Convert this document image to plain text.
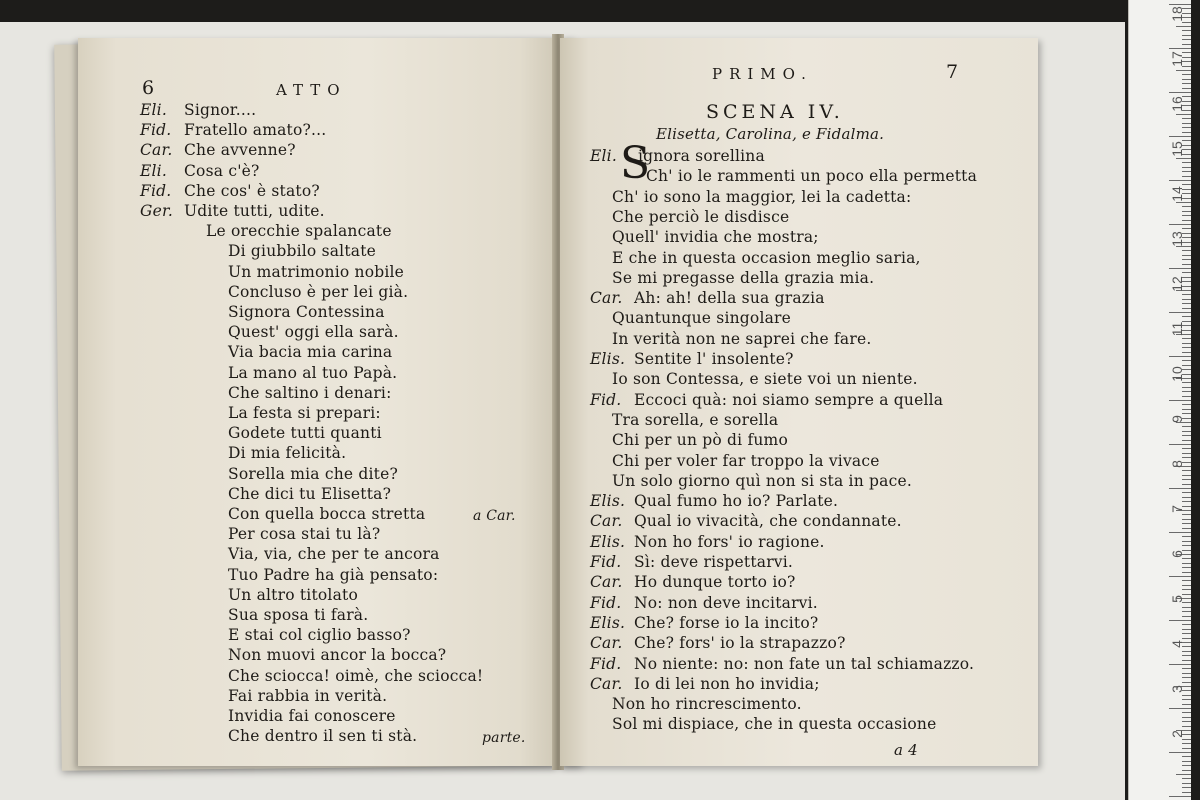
18
17
16
15
14
13
12
11
10
9
8
7
6
5
4
3
2
6	ATTO
a Car.
parte.
Eli. Signor....
Fid. Fratello amato?...
Car. Che avvenne?
Eli. Cosa c'è?
Fid. Che cos' è stato?
Ger. Udite tutti, udite.
Le orecchie spalancate
Di giubbilo saltate
Un matrimonio nobile
Concluso è per lei già.
Signora Contessina
Quest' oggi ella sarà.
Via bacia mia carina
La mano al tuo Papà.
Che saltino i denari:
La festa si prepari:
Godete tutti quanti
Di mia felicità.
Sorella mia che dite?
Che dici tu Elisetta?
Con quella bocca stretta
Per cosa stai tu là?
Via, via, che per te ancora
Tuo Padre ha già pensato:
Un altro titolato
Sua sposa ti farà.
E stai col ciglio basso?
Non muovi ancor la bocca?
Che sciocca! oimè, che sciocca!
Fai rabbia in verità.
Invidia fai conoscere
Che dentro il sen ti stà.
PRIMO.	7
SCENA IV.
Elisetta, Carolina, e Fidalma.
S
a 4
Eli. ignora sorellina
Ch' io le rammenti un poco ella permetta
Ch' io sono la maggior, lei la cadetta:
Che perciò le disdisce
Quell' invidia che mostra;
E che in questa occasion meglio saria,
Se mi pregasse della grazia mia.
Car. Ah: ah! della sua grazia
Quantunque singolare
In verità non ne saprei che fare.
Elis. Sentite l' insolente?
Io son Contessa, e siete voi un niente.
Fid. Eccoci quà: noi siamo sempre a quella
Tra sorella, e sorella
Chi per un pò di fumo
Chi per voler far troppo la vivace
Un solo giorno quì non si sta in pace.
Elis. Qual fumo ho io? Parlate.
Car. Qual io vivacità, che condannate.
Elis. Non ho fors' io ragione.
Fid. Sì: deve rispettarvi.
Car. Ho dunque torto io?
Fid. No: non deve incitarvi.
Elis. Che? forse io la incito?
Car. Che? fors' io la strapazzo?
Fid. No niente: no: non fate un tal schiamazzo.
Car. Io di lei non ho invidia;
Non ho rincrescimento.
Sol mi dispiace, che in questa occasione
